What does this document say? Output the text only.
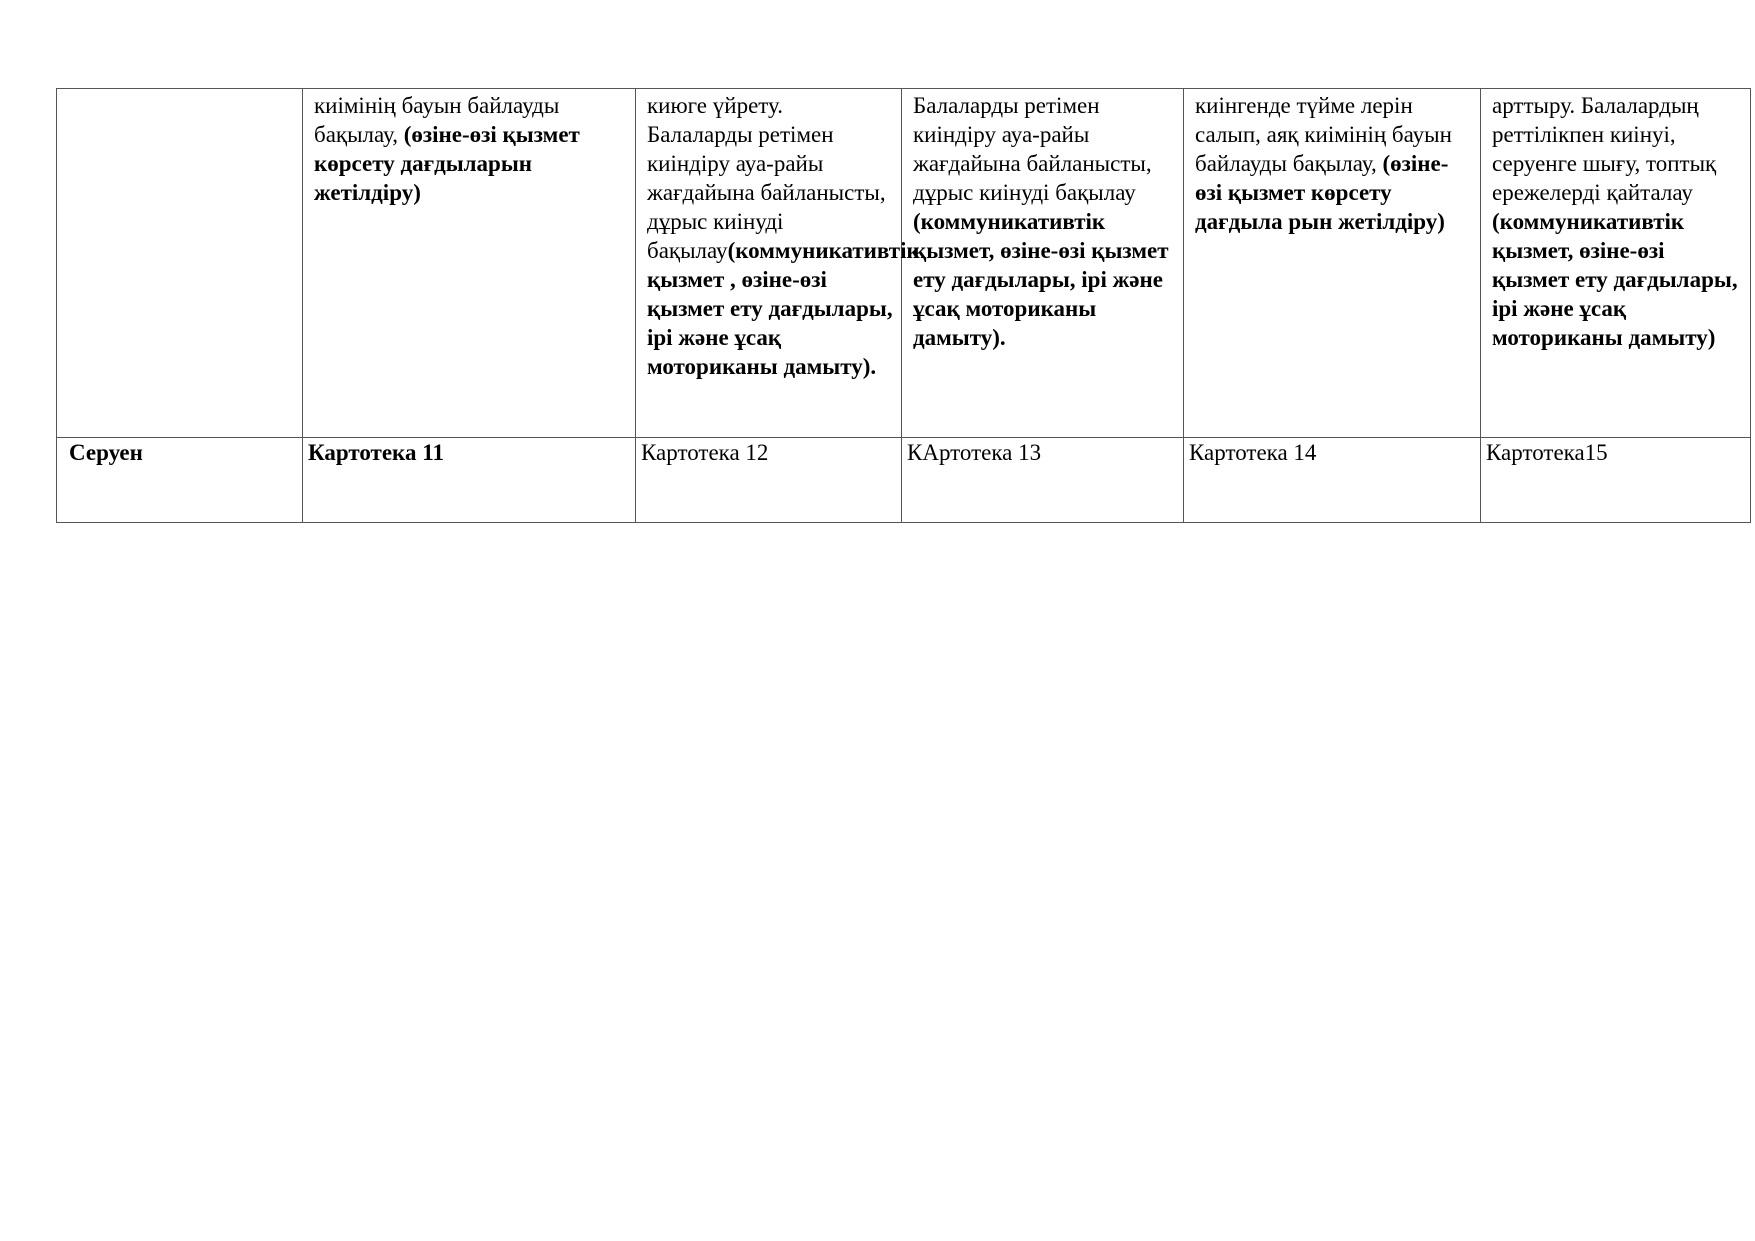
	киімінің бауын байлауды бақылау, (өзіне-өзі қызмет көрсету дағдыларын жетілдіру)	киюге үйрету. Балаларды ретімен киіндіру ауа-райы жағдайына байланысты, дұрыс киінуді бақылау(коммуникативтік қызмет , өзіне-өзі қызмет ету дағдылары, ірі және ұсақ моториканы дамыту).	Балаларды ретімен киіндіру ауа-райы жағдайына байланысты, дұрыс киінуді бақылау (коммуникативтік қызмет, өзіне-өзі қызмет ету дағдылары, ірі және ұсақ моториканы дамыту).	киінгенде түйме лерін салып, аяқ киімінің бауын байлауды бақылау, (өзіне-өзі қызмет көрсету дағдыла рын жетілдіру)	арттыру. Балалардың реттілікпен киінуі, серуенге шығу, топтық ережелерді қайталау (коммуникативтік қызмет, өзіне-өзі қызмет ету дағдылары, ірі және ұсақ моториканы дамыту)

Серуен	Картотека 11	Картотека 12	КАртотека 13	Картотека 14	Картотека15
